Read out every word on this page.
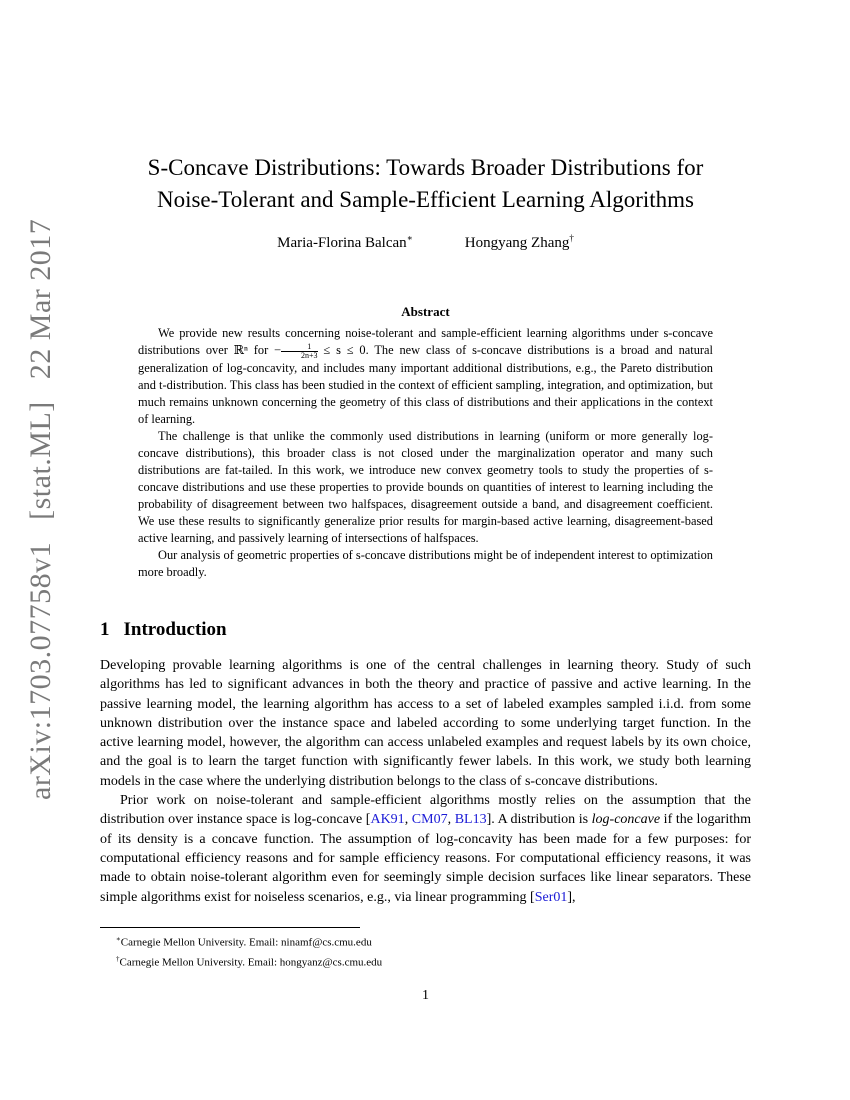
arXiv:1703.07758v1 [stat.ML] 22 Mar 2017
S-Concave Distributions: Towards Broader Distributions for
Noise-Tolerant and Sample-Efficient Learning Algorithms
Maria-Florina Balcan∗	Hongyang Zhang†
Abstract

We provide new results concerning noise-tolerant and sample-efficient learning algorithms under s-concave distributions over ℝⁿ for − $\frac{1}{2n+3} \le s \le 0$. The new class of s-concave distributions is a broad and natural generalization of log-concavity, and includes many important additional distributions, e.g., the Pareto distribution and t-distribution. This class has been studied in the context of efficient sampling, integration, and optimization, but much remains unknown concerning the geometry of this class of distributions and their applications in the context of learning.

The challenge is that unlike the commonly used distributions in learning (uniform or more generally log-concave distributions), this broader class is not closed under the marginalization operator and many such distributions are fat-tailed. In this work, we introduce new convex geometry tools to study the properties of s-concave distributions and use these properties to provide bounds on quantities of interest to learning including the probability of disagreement between two halfspaces, disagreement outside a band, and disagreement coefficient. We use these results to significantly generalize prior results for margin-based active learning, disagreement-based active learning, and passively learning of intersections of halfspaces.

Our analysis of geometric properties of s-concave distributions might be of independent interest to optimization more broadly.

1 Introduction

Developing provable learning algorithms is one of the central challenges in learning theory. Study of such algorithms has led to significant advances in both the theory and practice of passive and active learning. In the passive learning model, the learning algorithm has access to a set of labeled examples sampled i.i.d. from some unknown distribution over the instance space and labeled according to some underlying target function. In the active learning model, however, the algorithm can access unlabeled examples and request labels by its own choice, and the goal is to learn the target function with significantly fewer labels. In this work, we study both learning models in the case where the underlying distribution belongs to the class of s-concave distributions.

Prior work on noise-tolerant and sample-efficient algorithms mostly relies on the assumption that the distribution over instance space is log-concave [AK91, CM07, BL13]. A distribution is log-concave if the logarithm of its density is a concave function. The assumption of log-concavity has been made for a few purposes: for computational efficiency reasons and for sample efficiency reasons. For computational efficiency reasons, it was made to obtain noise-tolerant algorithm even for seemingly simple decision surfaces like linear separators. These simple algorithms exist for noiseless scenarios, e.g., via linear programming [Ser01],

∗Carnegie Mellon University. Email: ninamf@cs.cmu.edu
†Carnegie Mellon University. Email: hongyanz@cs.cmu.edu
1
